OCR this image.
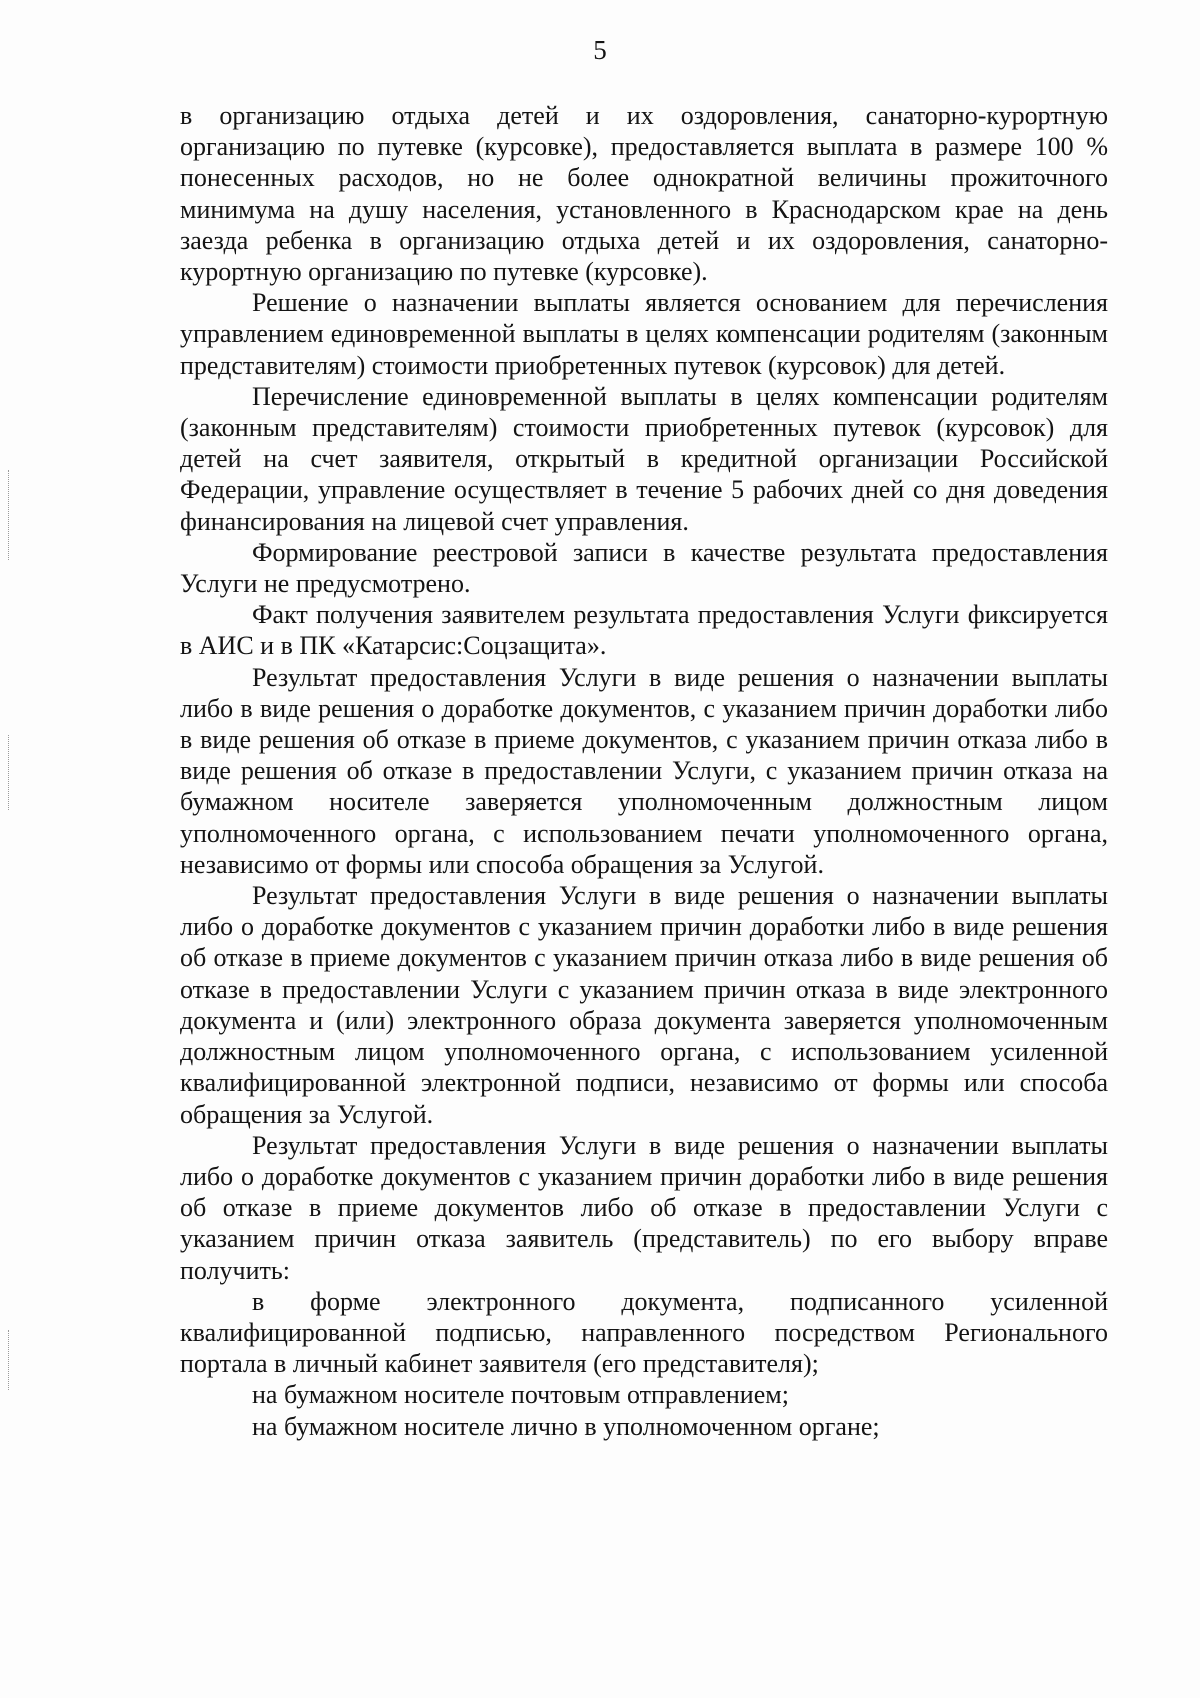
5

в организацию отдыха детей и их оздоровления, санаторно-курортную организацию по путевке (курсовке), предоставляется выплата в размере 100 % понесенных расходов, но не более однократной величины прожиточного минимума на душу населения, установленного в Краснодарском крае на день заезда ребенка в организацию отдыха детей и их оздоровления, санаторно-курортную организацию по путевке (курсовке).

Решение о назначении выплаты является основанием для перечисления управлением единовременной выплаты в целях компенсации родителям (законным представителям) стоимости приобретенных путевок (курсовок) для детей.

Перечисление единовременной выплаты в целях компенсации родителям (законным представителям) стоимости приобретенных путевок (курсовок) для детей на счет заявителя, открытый в кредитной организации Российской Федерации, управление осуществляет в течение 5 рабочих дней со дня доведения финансирования на лицевой счет управления.

Формирование реестровой записи в качестве результата предоставления Услуги не предусмотрено.

Факт получения заявителем результата предоставления Услуги фиксируется в АИС и в ПК «Катарсис:Соцзащита».

Результат предоставления Услуги в виде решения о назначении выплаты либо в виде решения о доработке документов, с указанием причин доработки либо в виде решения об отказе в приеме документов, с указанием причин отказа либо в виде решения об отказе в предоставлении Услуги, с указанием причин отказа на бумажном носителе заверяется уполномоченным должностным лицом уполномоченного органа, с использованием печати уполномоченного органа, независимо от формы или способа обращения за Услугой.

Результат предоставления Услуги в виде решения о назначении выплаты либо о доработке документов с указанием причин доработки либо в виде решения об отказе в приеме документов с указанием причин отказа либо в виде решения об отказе в предоставлении Услуги с указанием причин отказа в виде электронного документа и (или) электронного образа документа заверяется уполномоченным должностным лицом уполномоченного органа, с использованием усиленной квалифицированной электронной подписи, независимо от формы или способа обращения за Услугой.

Результат предоставления Услуги в виде решения о назначении выплаты либо о доработке документов с указанием причин доработки либо в виде решения об отказе в приеме документов либо об отказе в предоставлении Услуги с указанием причин отказа заявитель (представитель) по его выбору вправе получить:

в форме электронного документа, подписанного усиленной квалифицированной подписью, направленного посредством Регионального портала в личный кабинет заявителя (его представителя);

на бумажном носителе почтовым отправлением;

на бумажном носителе лично в уполномоченном органе;
